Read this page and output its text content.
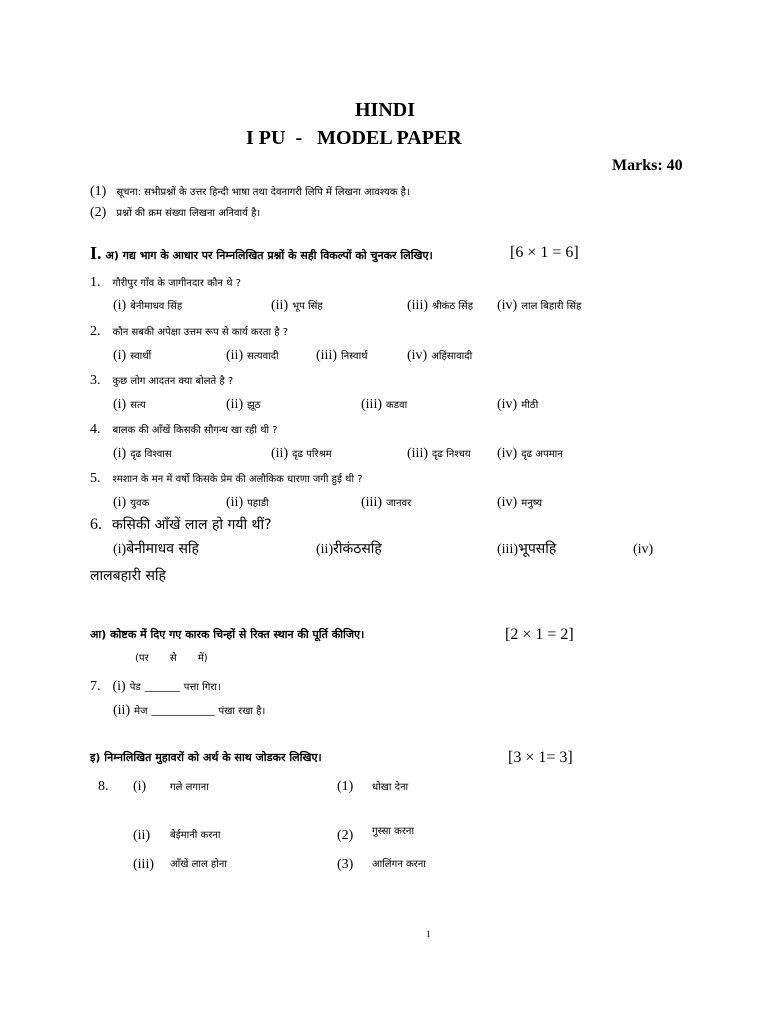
HINDI
I PU  -   MODEL PAPER
Marks: 40
(1) सूचना: सभीप्रश्नों के उत्तर हिन्दी भाषा तथा देवनागरी लिपि में लिखना आवश्यक है।
(2) प्रश्नों की क्रम संख्या लिखना अनिवार्य है।
I. अ) गद्य भाग के आधार पर निम्नलिखित प्रश्नों के सही विकल्पों को चुनकर लिखिए।	[6 × 1 = 6]
1. गौरीपुर गाँव के जागीनदार कौन थे ?
(i) बेनीमाधव सिंह	(ii) भूप सिंह	(iii) श्रीकंठ सिंह (iv) लाल बिहारी सिंह
2. कौन सबकी अपेक्षा उत्तम रूप से कार्य करता है ?
(i) स्वार्थी	(ii) सत्यवादी	(iii) निस्वार्थ	(iv) अहिंसावादी
3. कुछ लोग आदतन क्या बोलते है ?
(i) सत्य	(ii) झूठ	(iii) कडवा	(iv) मीठी
4. बालक की आँखें किसकी सौगन्ध खा रही थी ?
(i) दृढ विश्वास	(ii) दृढ परिश्रम	(iii) दृढ निश्चय (iv) दृढ अपमान
5. श्मशान के मन में वर्षो किसके प्रेम की अलौकिक धारणा जगी हुई थी ?
(i) युवक	(ii) पहाडी	(iii) जानवर	(iv) मनुष्य
6. कसिकी आँखें लाल हो गयी थीं?
(i)बेनीमाधव सहि	(ii)रीकंठसहि	(iii)भूपसहि	(iv)
लालबहारी सहि
आ) कोष्टक में दिए गए कारक चिन्हों से रिक्त स्थान की पूर्ति कीजिए।	[2 × 1 = 2]
(पर से में)
7. (i) पेड _____ पत्ता गिरा।
(ii) मेज _________ पंखा रखा है।
इ) निम्नलिखित मुहावरों को अर्थ के साथ जोडकर लिखिए।	[3 × 1= 3]
8. (i) गले लगाना	(1) धोखा देना
(ii) बेईमानी करना	(2) गुस्सा करना
(iii) आँखें लाल होना	(3) आलिंगन करना
1
